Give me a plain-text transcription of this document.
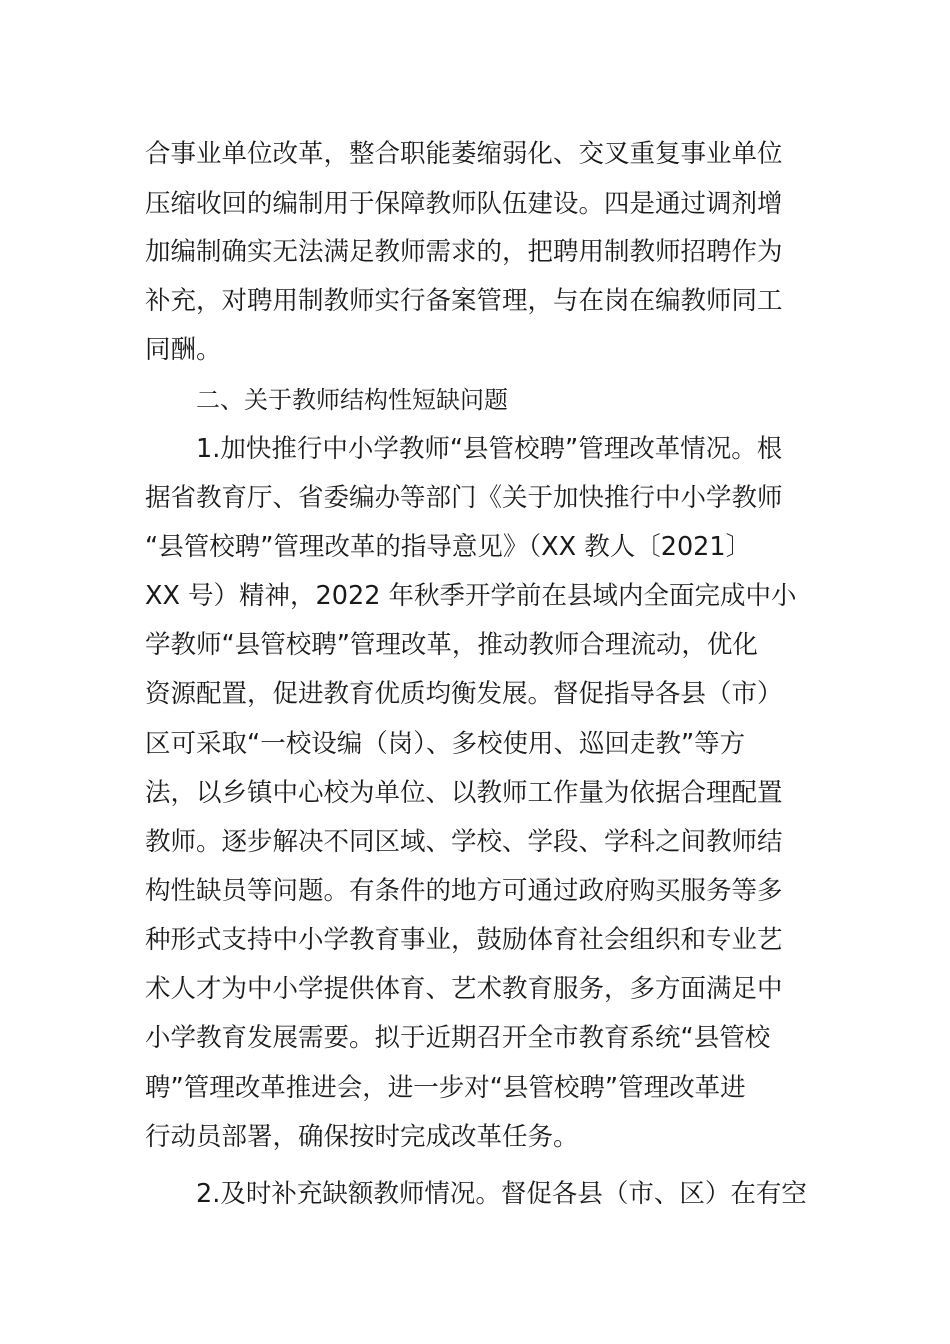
合事业单位改革，整合职能萎缩弱化、交叉重复事业单位
压缩收回的编制用于保障教师队伍建设。四是通过调剂增
加编制确实无法满足教师需求的，把聘用制教师招聘作为
补充，对聘用制教师实行备案管理，与在岗在编教师同工
同酬。
二、关于教师结构性短缺问题
1.加快推行中小学教师“县管校聘”管理改革情况。根
据省教育厅、省委编办等部门《关于加快推行中小学教师
“县管校聘”管理改革的指导意见》（XX 教人〔2021〕
XX 号）精神，2022 年秋季开学前在县域内全面完成中小
学教师“县管校聘”管理改革，推动教师合理流动，优化
资源配置，促进教育优质均衡发展。督促指导各县（市）
区可采取“一校设编（岗）、多校使用、巡回走教”等方
法，以乡镇中心校为单位、以教师工作量为依据合理配置
教师。逐步解决不同区域、学校、学段、学科之间教师结
构性缺员等问题。有条件的地方可通过政府购买服务等多
种形式支持中小学教育事业，鼓励体育社会组织和专业艺
术人才为中小学提供体育、艺术教育服务，多方面满足中
小学教育发展需要。拟于近期召开全市教育系统“县管校
聘”管理改革推进会，进一步对“县管校聘”管理改革进
行动员部署，确保按时完成改革任务。
2.及时补充缺额教师情况。督促各县（市、区）在有空
